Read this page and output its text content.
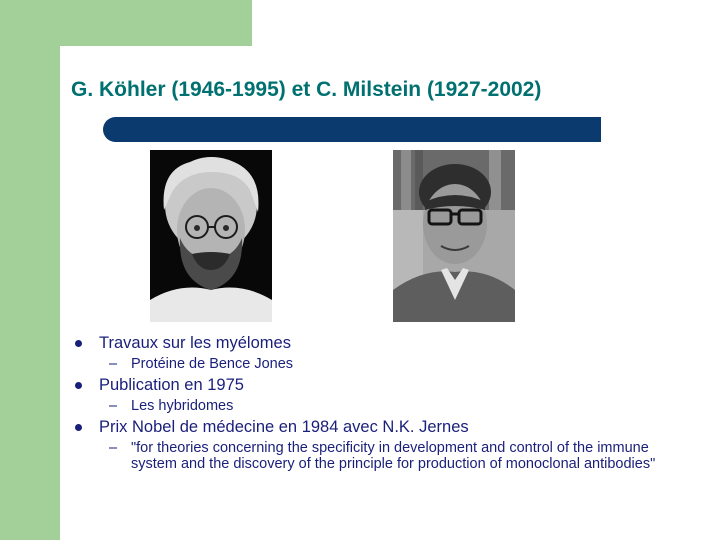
G. Köhler (1946-1995) et C. Milstein (1927-2002)
Travaux sur les myélomes
– Protéine de Bence Jones
Publication en 1975
– Les hybridomes
Prix Nobel de médecine en 1984 avec N.K. Jernes
– "for theories concerning the specificity in development and control of the immune system and the discovery of the principle for production of monoclonal antibodies"
